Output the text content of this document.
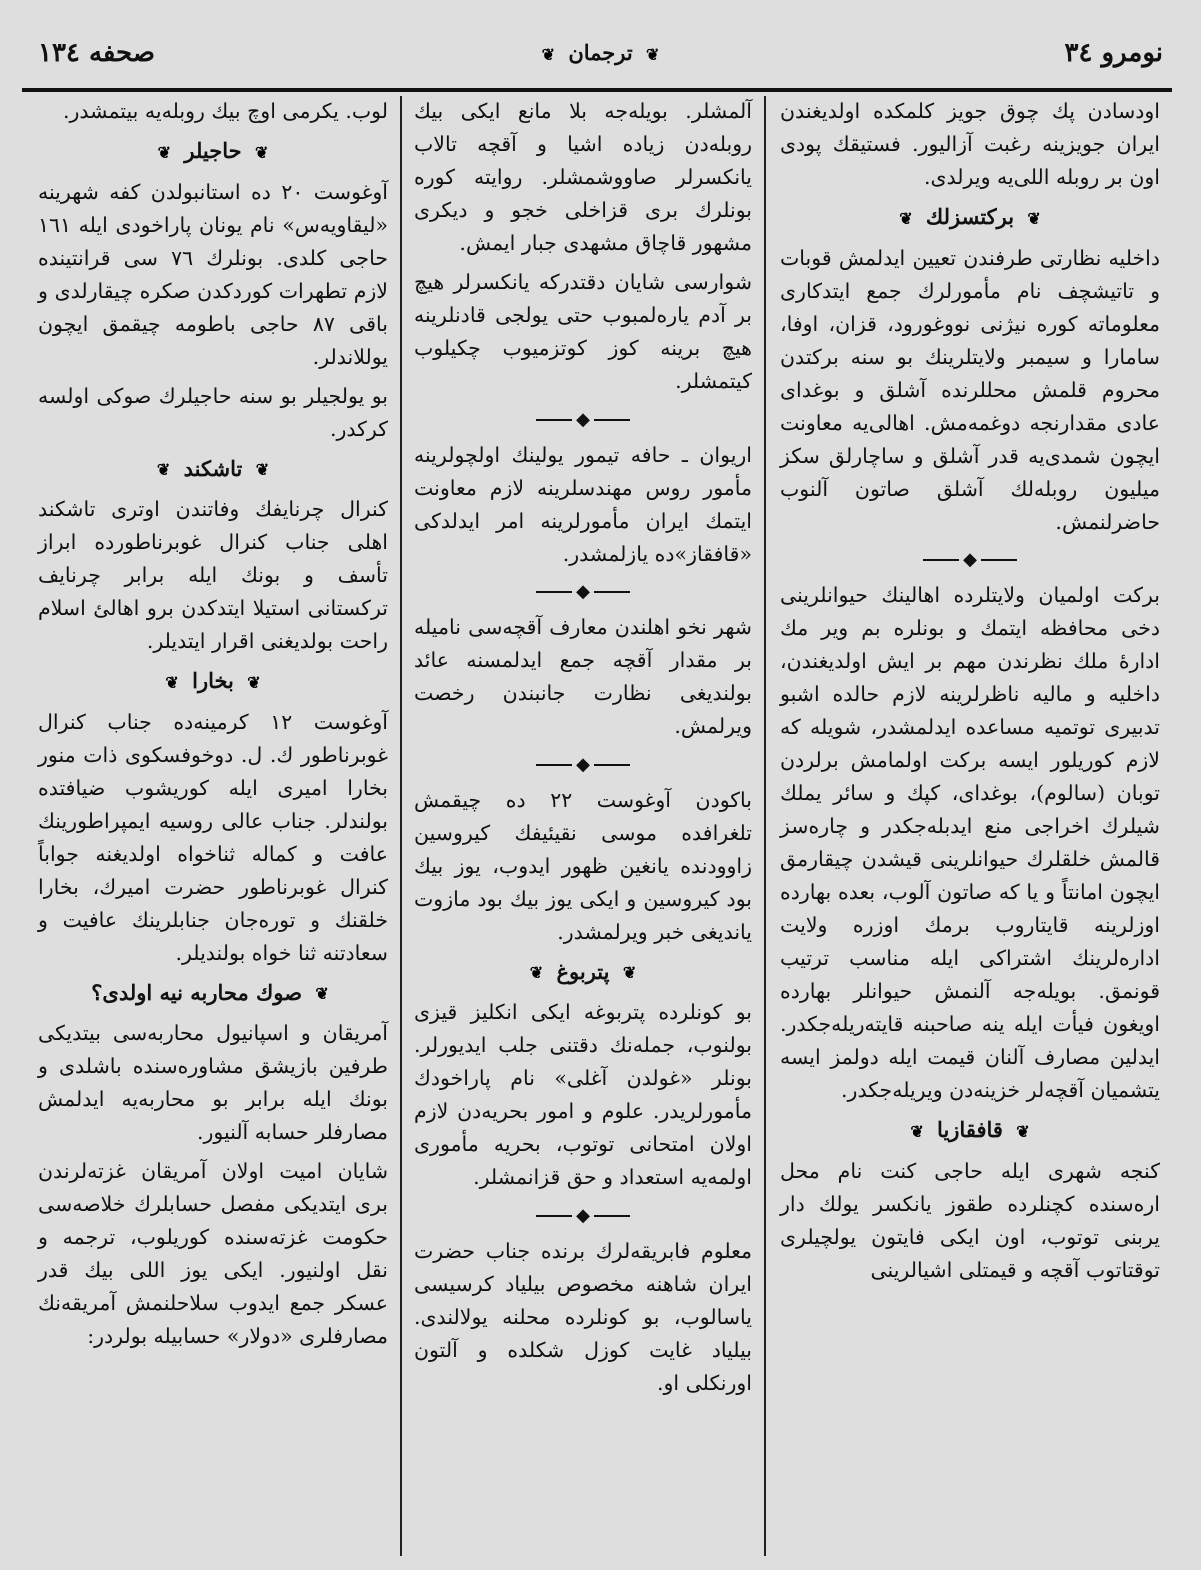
نومرو ٣٤
❦ ترجمان ❦
صحفه ١٣٤

اودسادن پك چوق جويز كلمكده اولديغندن ايران جويزينه رغبت آزاليور. فستيقك پودى اون بر روبله اللى‌يه ويرلدى.

❦ بركتسزلك ❦

داخليه نظارتى طرفندن تعيين ايدلمش قوبات و تاتيشچف نام مأمورلرك جمع ايتدكارى معلوماته كوره نيژنى نووغورود، قزان، اوفا، سامارا و سيمبر ولايتلرينك بو سنه بركتدن محروم قلمش محللرنده آشلق و بوغداى عادى مقدارنجه دوغمه‌مش. اهالى‌يه معاونت ايچون شمدى‌يه قدر آشلق و ساچارلق سكز ميليون روبله‌لك آشلق صاتون آلنوب حاضرلنمش.

◆

بركت اولميان ولايتلرده اهالينك حيوانلرينى دخى محافظه ايتمك و بونلره بم وير مك ادارۀ ملك نظرندن مهم بر ايش اولديغندن، داخليه و ماليه ناظرلرينه لازم حالده اشبو تدبيرى توتميه مساعده ايدلمشدر، شويله كه لازم كوريلور ايسه بركت اولمامش برلردن توبان (سالوم)، بوغداى، كپك و سائر يملك شيلرك اخراجى منع ايدبله‌جكدر و چاره‌سز قالمش خلقلرك حيوانلرينى قيشدن چيقارمق ايچون امانتاً و يا كه صاتون آلوب، بعده بهارده اوزلرينه قايتاروب برمك اوزره ولايت ادارەلرينك اشتراكى ايله مناسب ترتيب قونمق. بويله‌جه آلنمش حيوانلر بهارده اويغون فيأت ايله ينه صاحبنه قايته‌ريله‌جكدر. ايدلين مصارف آلنان قيمت ايله دولمز ايسه يتشميان آقچه‌لر خزينه‌دن ويريله‌جكدر.

❦ قافقازيا ❦

كنجه شهرى ايله حاجى كنت نام محل اره‌سنده كچنلرده طقوز يانكسر يولك دار يربنى توتوب، اون ايكى فايتون يولچيلرى توقتاتوب آقچه و قيمتلى اشيالرينى

آلمشلر. بويله‌جه بلا مانع ايكى بيك روبله‌دن زياده اشيا و آقچه تالاب يانكسرلر صاووشمشلر. روايته كوره بونلرك برى قزاخلى خجو و ديكرى مشهور قاچاق مشهدى جبار ايمش.

شوارسى شايان دقتدركه يانكسرلر هيچ بر آدم يارەلمبوب حتى يولجى قادنلرينه هيچ برينه كوز كوتزميوب چكيلوب كيتمشلر.

◆

اريوان ـ حافه تيمور يولينك اولچولرينه مأمور روس مهندسلرينه لازم معاونت ايتمك ايران مأمورلرينه امر ايدلدكى «قافقاز»ده يازلمشدر.

◆

شهر نخو اهلندن معارف آقچه‌سى ناميله بر مقدار آقچه جمع ايدلمسنه عائد بولنديغى نظارت جانبندن رخصت ويرلمش.

◆

باكودن آوغوست ٢٢ ده چيقمش تلغرافده موسى نقيئيفك كيروسين زاوودنده يانغين ظهور ايدوب، يوز بيك بود كيروسين و ايكى يوز بيك بود مازوت يانديغى خبر ويرلمشدر.

❦ پتربوغ ❦

بو كونلرده پتربوغه ايكى انكليز قيزى بولنوب، جمله‌نك دقتنى جلب ايديورلر. بونلر «غولدن آغلى» نام پاراخودك مأمورلريدر. علوم و امور بحريه‌دن لازم اولان امتحانى توتوب، بحريه مأمورى اولمه‌يه استعداد و حق قزانمشلر.

◆

معلوم فابريقه‌لرك برنده جناب حضرت ايران شاهنه مخصوص بيلياد كرسيسى ياسالوب، بو كونلرده محلنه يولالندى. بيلياد غايت كوزل شكلده و آلتون اورنكلى او.

لوب. يكرمى اوچ بيك روبله‌يه بيتمشدر.

❦ حاجيلر ❦

آوغوست ٢٠ ده استانبولدن كفه شهرينه «ليقاويه‌س» نام يونان پاراخودى ايله ١٦١ حاجى كلدى. بونلرك ٧٦ سى قرانتينده لازم تطهرات كوردكدن صكره چيقارلدى و باقى ٨٧ حاجى باطومه چيقمق ايچون يوللاندلر.

بو يولجيلر بو سنه حاجيلرك صوكى اولسه كركدر.

❦ تاشكند ❦

كنرال چرنايفك وفاتندن اوترى تاشكند اهلى جناب كنرال غوبرناطورده ابراز تأسف و بونك ايله برابر چرنايف تركستانى استيلا ايتدكدن برو اهالئ اسلام راحت بولديغنى اقرار ايتديلر.

❦ بخارا ❦

آوغوست ١٢ كرمينه‌ده جناب كنرال غوبرناطور ك. ل. دوخوفسكوى ذات منور بخارا اميرى ايله كوريشوب ضيافتده بولندلر. جناب عالى روسيه ايمپراطورينك عافت و كماله ثناخواه اولديغنه جواباً كنرال غوبرناطور حضرت اميرك، بخارا خلقنك و تورەجان جنابلرينك عافيت و سعادتنه ثنا خواه بولنديلر.

❦ صوك محاربه نيه اولدى؟

آمريقان و اسپانيول محاربه‌سى بيتديكى طرفين بازيشق مشاوره‌سنده باشلدى و بونك ايله برابر بو محاربه‌يه ايدلمش مصارفلر حسابه آلنيور.

شايان اميت اولان آمريقان غزته‌لرندن برى ايتديكى مفصل حسابلرك خلاصه‌سى حكومت غزته‌سنده كوريلوب، ترجمه و نقل اولنيور. ايكى يوز اللى بيك قدر عسكر جمع ايدوب سلاحلنمش آمريقه‌نك مصارفلرى «دولار» حسابيله بولردر:
